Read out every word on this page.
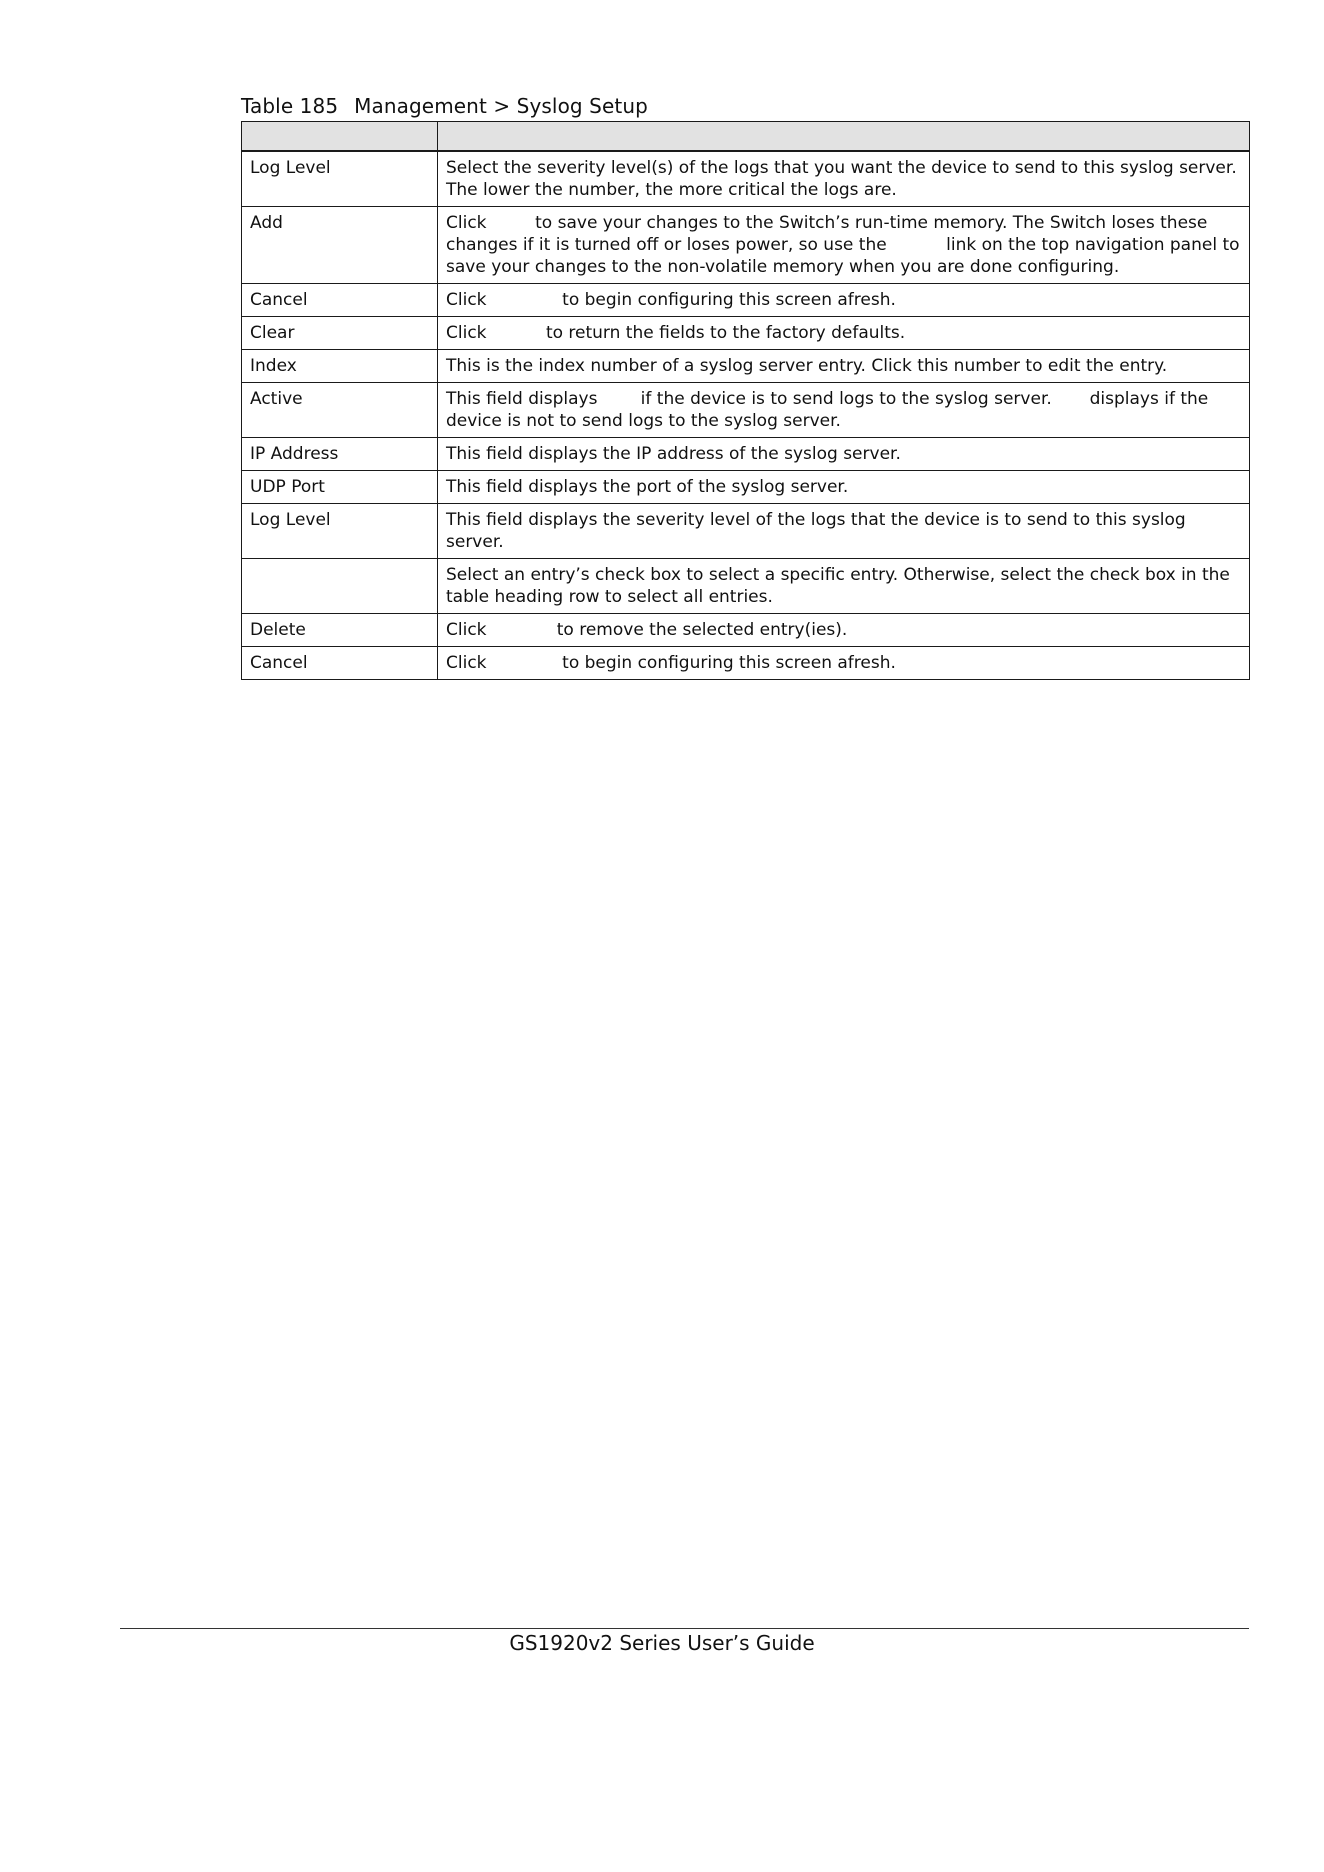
Table 185 Management > Syslog Setup

Log Level	Select the severity level(s) of the logs that you want the device to send to this syslog server. The lower the number, the more critical the logs are.
Add	Click         to save your changes to the Switch’s run-time memory. The Switch loses these changes if it is turned off or loses power, so use the           link on the top navigation panel to save your changes to the non-volatile memory when you are done configuring.
Cancel	Click              to begin configuring this screen afresh.
Clear	Click           to return the fields to the factory defaults.
Index	This is the index number of a syslog server entry. Click this number to edit the entry.
Active	This field displays        if the device is to send logs to the syslog server.       displays if the device is not to send logs to the syslog server.
IP Address	This field displays the IP address of the syslog server.
UDP Port	This field displays the port of the syslog server.
Log Level	This field displays the severity level of the logs that the device is to send to this syslog server.
	Select an entry’s check box to select a specific entry. Otherwise, select the check box in the table heading row to select all entries.
Delete	Click             to remove the selected entry(ies).
Cancel	Click              to begin configuring this screen afresh.
GS1920v2 Series User’s Guide
